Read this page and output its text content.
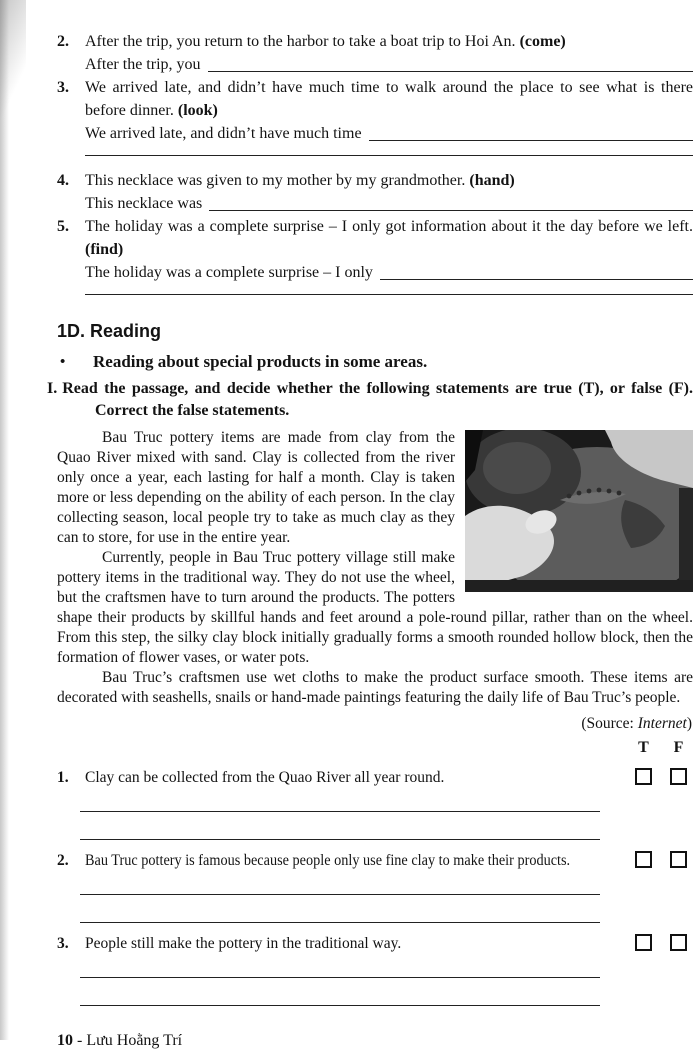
2.	After the trip, you return to the harbor to take a boat trip to Hoi An. (come)
After the trip, you
3.	We arrived late, and didn’t have much time to walk around the place to see what is there before dinner. (look)
We arrived late, and didn’t have much time
4.	This necklace was given to my mother by my grandmother. (hand)
This necklace was
5.	The holiday was a complete surprise – I only got information about it the day before we left. (find)
The holiday was a complete surprise – I only
1D. Reading
•	Reading about special products in some areas.
I. Read the passage, and decide whether the following statements are true (T), or false (F).
Correct the false statements.

Bau Truc pottery items are made from clay from the Quao River mixed with sand. Clay is collected from the river only once a year, each lasting for half a month. Clay is taken more or less depending on the ability of each person. In the clay collecting season, local people try to take as much clay as they can to store, for use in the entire year.

Currently, people in Bau Truc pottery village still make pottery items in the traditional way. They do not use the wheel, but the craftsmen have to turn around the products. The potters shape their products by skillful hands and feet around a pole-round pillar, rather than on the wheel. From this step, the silky clay block initially gradually forms a smooth rounded hollow block, then the formation of flower vases, or water pots.

Bau Truc’s craftsmen use wet cloths to make the product surface smooth. These items are decorated with seashells, snails or hand-made paintings featuring the daily life of Bau Truc’s people.

(Source: Internet)
T	F
1.	Clay can be collected from the Quao River all year round.
2.	Bau Truc pottery is famous because people only use fine clay to make their products.
3.	People still make the pottery in the traditional way.
10 - Lưu Hoằng Trí
